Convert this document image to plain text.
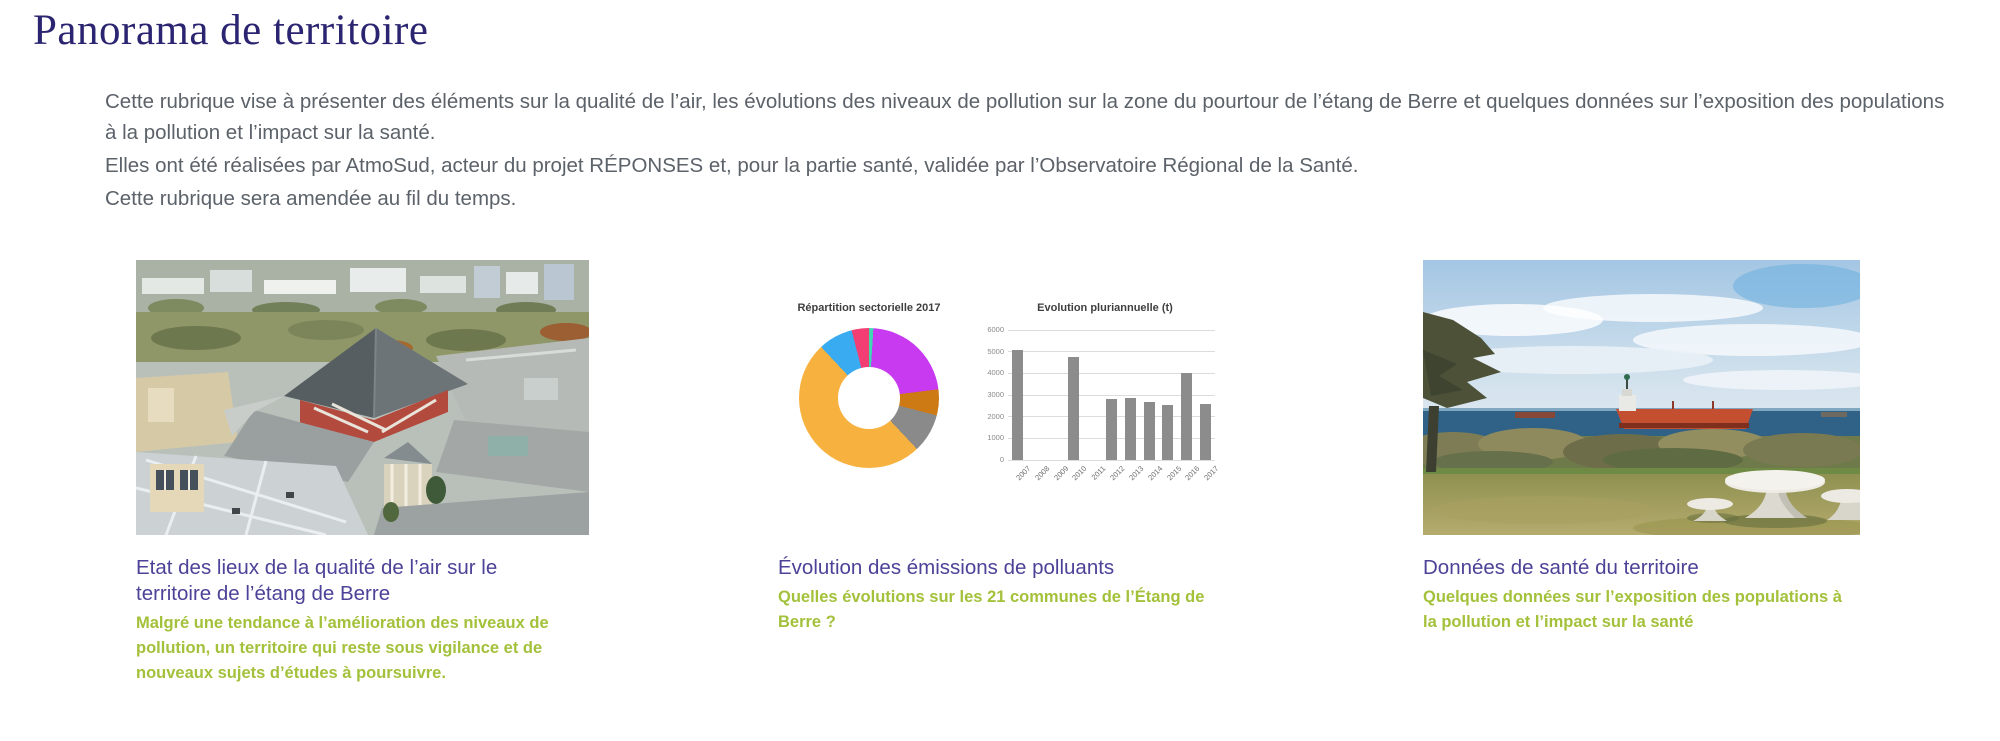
Panorama de territoire

Cette rubrique vise à présenter des éléments sur la qualité de l’air, les évolutions des niveaux de pollution sur la zone du pourtour de l’étang de Berre et quelques données sur l’exposition des populations à la pollution et l’impact sur la santé.

Elles ont été réalisées par AtmoSud, acteur du projet RÉPONSES et, pour la partie santé, validée par l’Observatoire Régional de la Santé.

Cette rubrique sera amendée au fil du temps.

Etat des lieux de la qualité de l’air sur le territoire de l’étang de Berre
Malgré une tendance à l’amélioration des niveaux de pollution, un territoire qui reste sous vigilance et de nouveaux sujets d’études à poursuivre.
Répartition sectorielle 2017	Evolution pluriannuelle (t)
0
1000
2000
3000
4000
5000
6000
2007 2008 2009 2010 2011 2012 2013 2014 2015 2016 2017
Évolution des émissions de polluants
Quelles évolutions sur les 21 communes de l’Étang de Berre ?
Données de santé du territoire
Quelques données sur l’exposition des populations à la pollution et l’impact sur la santé
